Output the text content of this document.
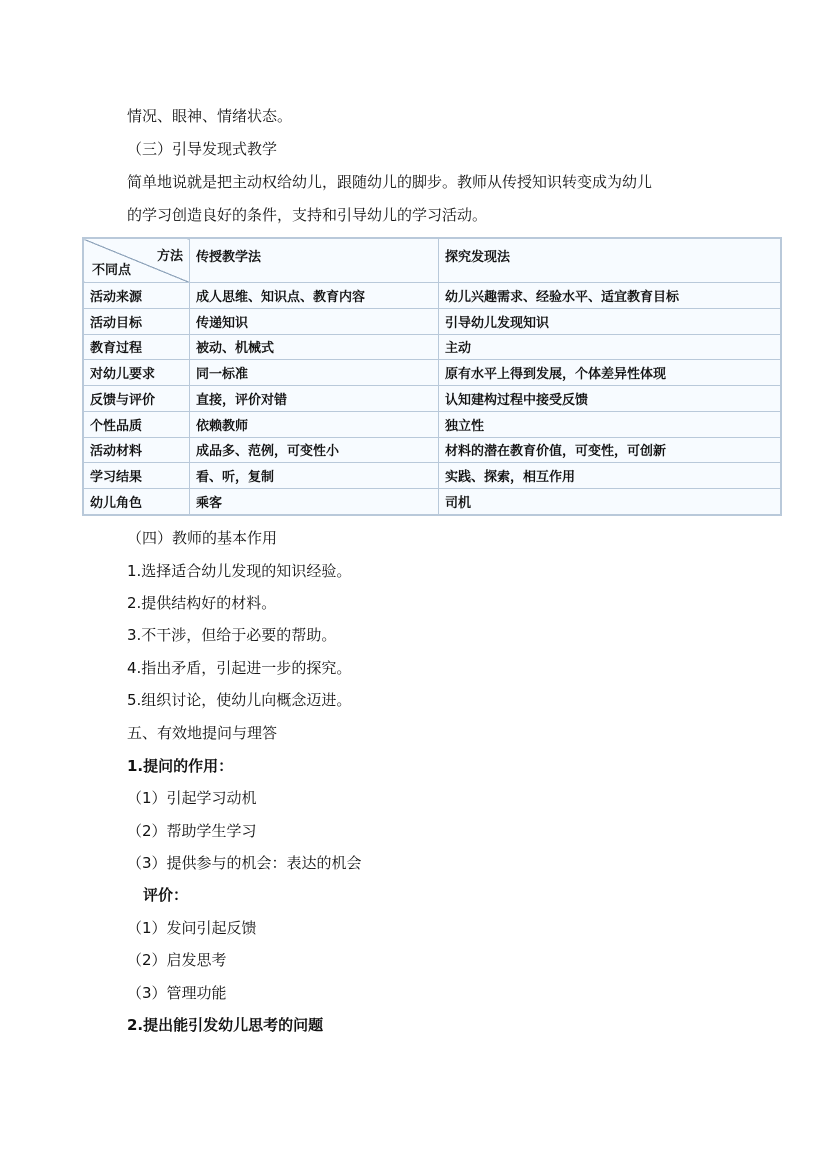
情况、眼神、情绪状态。
（三）引导发现式教学
简单地说就是把主动权给幼儿，跟随幼儿的脚步。教师从传授知识转变成为幼儿
的学习创造良好的条件，支持和引导幼儿的学习活动。
方法
不同点	传授教学法	探究发现法
活动来源	成人思维、知识点、教育内容	幼儿兴趣需求、经验水平、适宜教育目标
活动目标	传递知识	引导幼儿发现知识
教育过程	被动、机械式	主动
对幼儿要求	同一标准	原有水平上得到发展，个体差异性体现
反馈与评价	直接，评价对错	认知建构过程中接受反馈
个性品质	依赖教师	独立性
活动材料	成品多、范例，可变性小	材料的潜在教育价值，可变性，可创新
学习结果	看、听，复制	实践、探索，相互作用
幼儿角色	乘客	司机
（四）教师的基本作用
1.选择适合幼儿发现的知识经验。
2.提供结构好的材料。
3.不干涉，但给于必要的帮助。
4.指出矛盾，引起进一步的探究。
5.组织讨论，使幼儿向概念迈进。
五、有效地提问与理答
1.提问的作用：
（1）引起学习动机
（2）帮助学生学习
（3）提供参与的机会：表达的机会
评价：
（1）发问引起反馈
（2）启发思考
（3）管理功能
2.提出能引发幼儿思考的问题
